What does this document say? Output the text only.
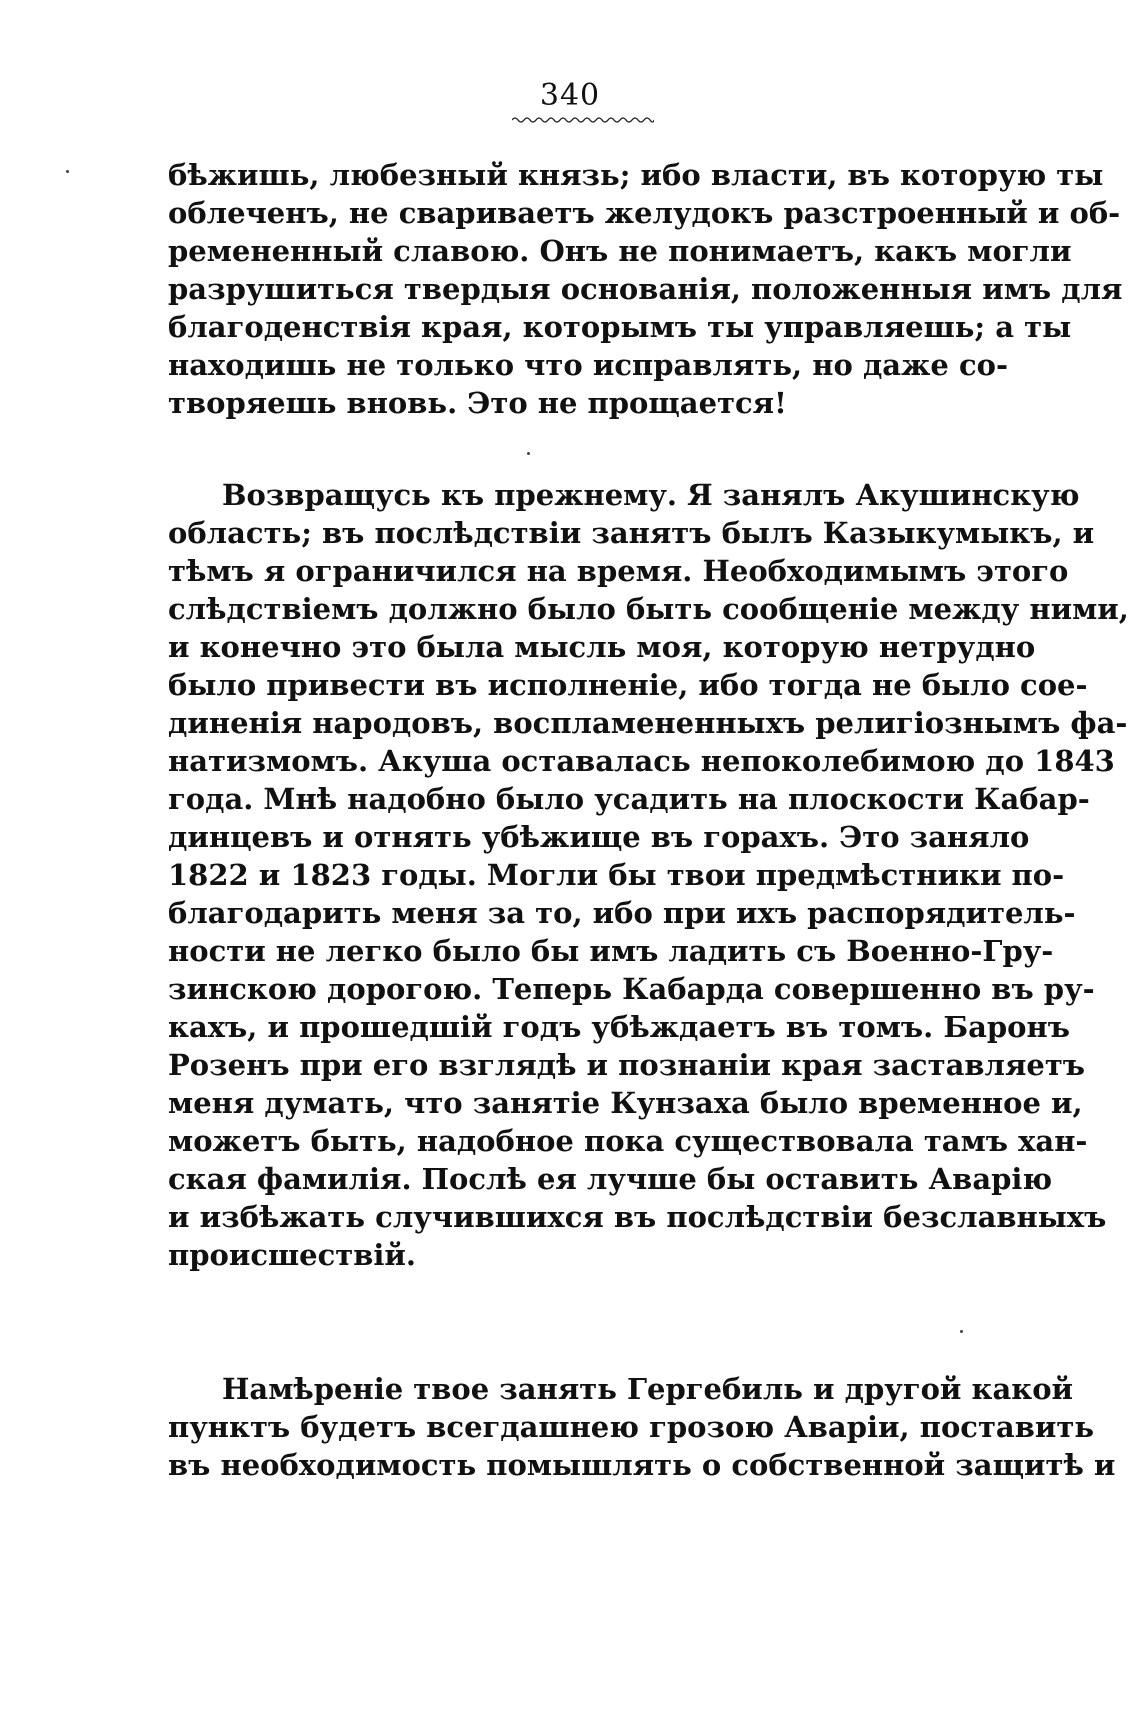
340
бѣжишь, любезный князь; ибо власти, въ которую ты
облеченъ, не свариваетъ желудокъ разстроенный и об-
ремененный славою. Онъ не понимаетъ, какъ могли
разрушиться твердыя основанія, положенныя имъ для
благоденствія края, которымъ ты управляешь; а ты
находишь не только что исправлять, но даже со-
творяешь вновь. Это не прощается!
Возвращусь къ прежнему. Я занялъ Акушинскую
область; въ послѣдствіи занятъ былъ Казыкумыкъ, и
тѣмъ я ограничился на время. Необходимымъ этого
слѣдствіемъ должно было быть сообщеніе между ними,
и конечно это была мысль моя, которую нетрудно
было привести въ исполненіе, ибо тогда не было сое-
диненія народовъ, воспламененныхъ религіознымъ фа-
натизмомъ. Акуша оставалась непоколебимою до 1843
года. Мнѣ надобно было усадить на плоскости Кабар-
динцевъ и отнять убѣжище въ горахъ. Это заняло
1822 и 1823 годы. Могли бы твои предмѣстники по-
благодарить меня за то, ибо при ихъ распорядитель-
ности не легко было бы имъ ладить съ Военно-Гру-
зинскою дорогою. Теперь Кабарда совершенно въ ру-
кахъ, и прошедшій годъ убѣждаетъ въ томъ. Баронъ
Розенъ при его взглядѣ и познаніи края заставляетъ
меня думать, что занятіе Кунзаха было временное и,
можетъ быть, надобное пока существовала тамъ хан-
ская фамилія. Послѣ ея лучше бы оставить Аварію
и избѣжать случившихся въ послѣдствіи безславныхъ
происшествій.
Намѣреніе твое занять Гергебиль и другой какой
пунктъ будетъ всегдашнею грозою Аваріи, поставить
въ необходимость помышлять о собственной защитѣ и
